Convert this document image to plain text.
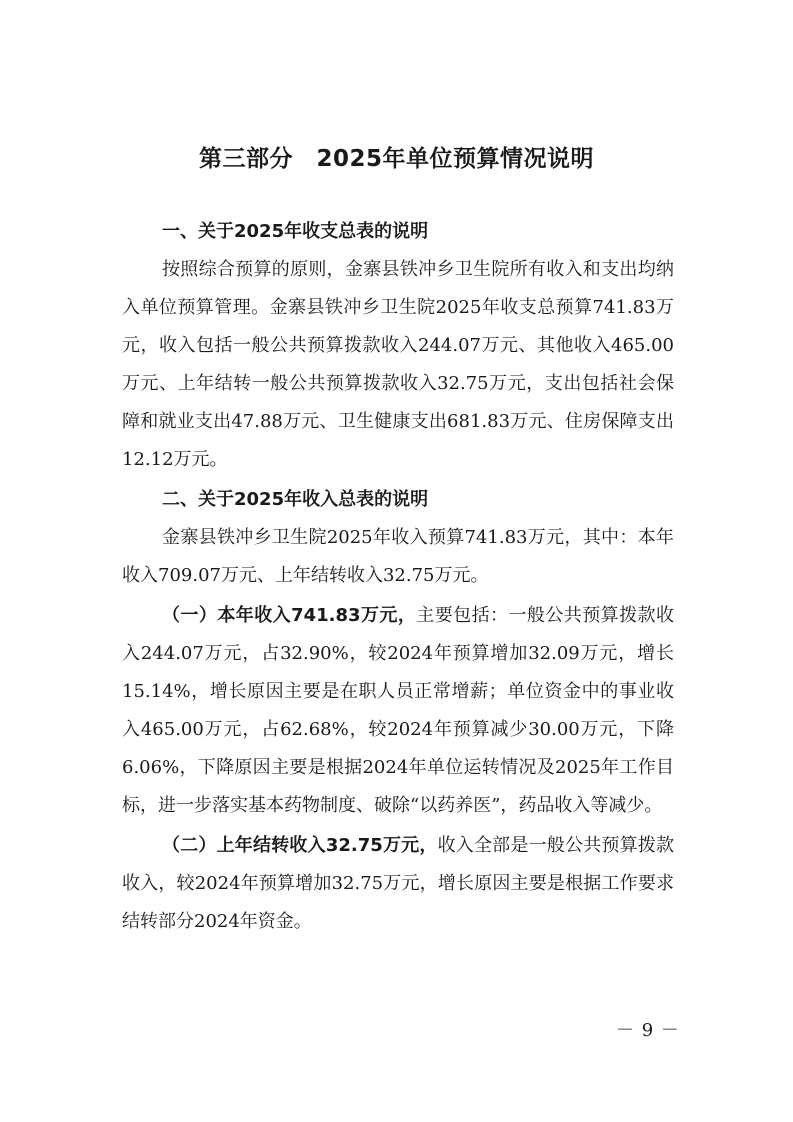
第三部分　2025年单位预算情况说明

一、关于2025年收支总表的说明

按照综合预算的原则，金寨县铁冲乡卫生院所有收入和支出均纳入单位预算管理。金寨县铁冲乡卫生院2025年收支总预算741.83万元，收入包括一般公共预算拨款收入244.07万元、其他收入465.00万元、上年结转一般公共预算拨款收入32.75万元，支出包括社会保障和就业支出47.88万元、卫生健康支出681.83万元、住房保障支出12.12万元。

二、关于2025年收入总表的说明

金寨县铁冲乡卫生院2025年收入预算741.83万元，其中：本年收入709.07万元、上年结转收入32.75万元。

（一）本年收入741.83万元，主要包括：一般公共预算拨款收入244.07万元，占32.90%，较2024年预算增加32.09万元，增长15.14%，增长原因主要是在职人员正常增薪；单位资金中的事业收入465.00万元，占62.68%，较2024年预算减少30.00万元，下降6.06%，下降原因主要是根据2024年单位运转情况及2025年工作目标，进一步落实基本药物制度、破除“以药养医”，药品收入等减少。

（二）上年结转收入32.75万元，收入全部是一般公共预算拨款收入，较2024年预算增加32.75万元，增长原因主要是根据工作要求结转部分2024年资金。

－ 9 －
